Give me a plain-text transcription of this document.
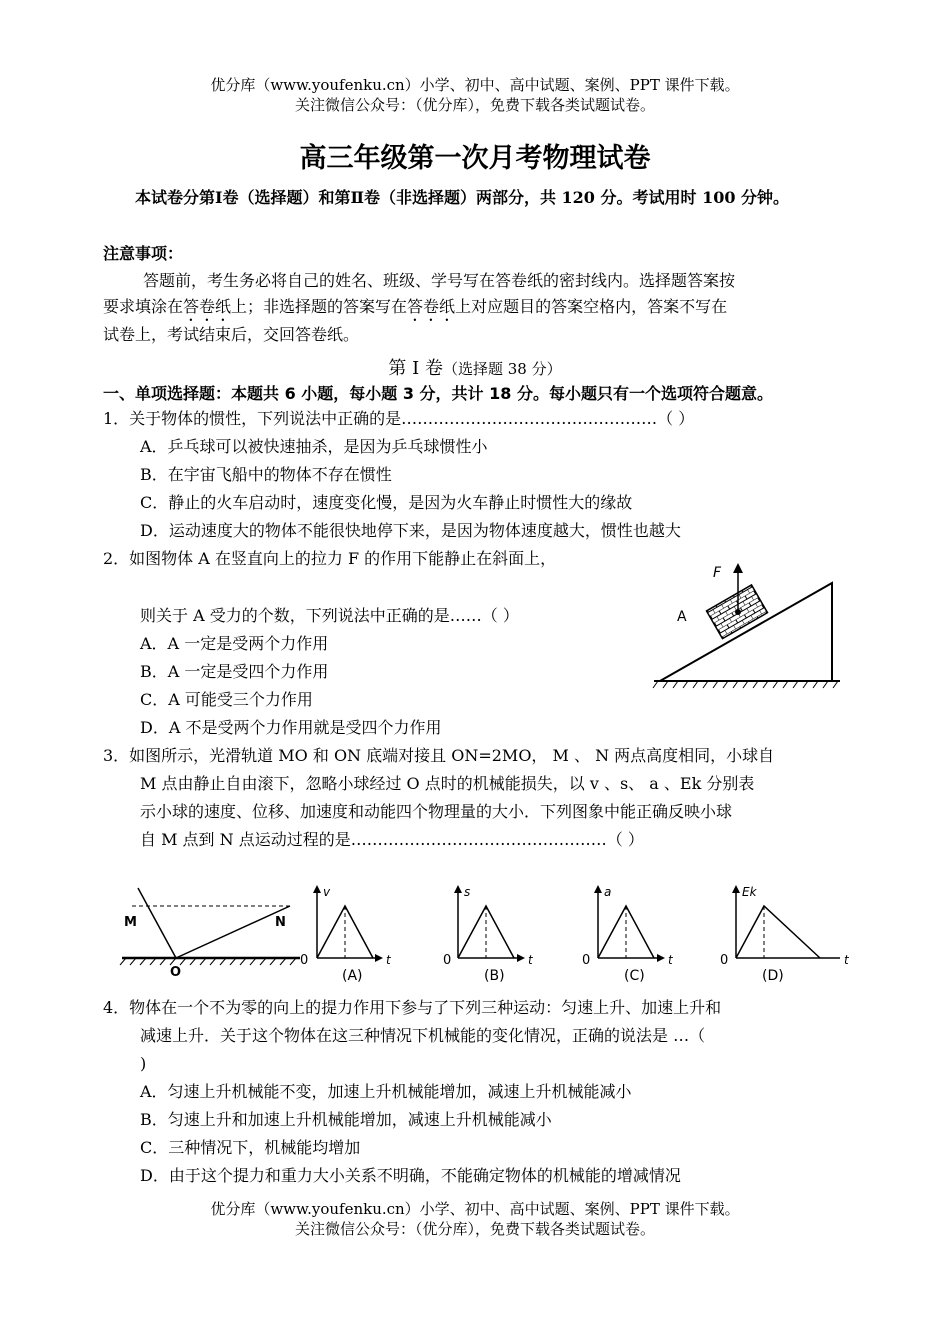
优分库（www.youfenku.cn）小学、初中、高中试题、案例、PPT 课件下载。
关注微信公众号：（优分库），免费下载各类试题试卷。
高三年级第一次月考物理试卷
本试卷分第Ⅰ卷（选择题）和第Ⅱ卷（非选择题）两部分，共 120 分。考试用时 100 分钟。
注意事项：
答题前，考生务必将自己的姓名、班级、学号写在答卷纸的密封线内。选择题答案按
要求填涂在答卷纸上；非选择题的答案写在答卷纸上对应题目的答案空格内，答案不写在
试卷上，考试结束后，交回答卷纸。
第 I 卷（选择题 38 分）
一、单项选择题：本题共 6 小题，每小题 3 分，共计 18 分。每小题只有一个选项符合题意。
1．关于物体的惯性，下列说法中正确的是…………………………………………（ ）
A．乒乓球可以被快速抽杀，是因为乒乓球惯性小
B．在宇宙飞船中的物体不存在惯性
C．静止的火车启动时，速度变化慢，是因为火车静止时惯性大的缘故
D．运动速度大的物体不能很快地停下来，是因为物体速度越大，惯性也越大
2．如图物体 A 在竖直向上的拉力 F 的作用下能静止在斜面上，
则关于 A 受力的个数，下列说法中正确的是……（ ）
A．A 一定是受两个力作用
B．A 一定是受四个力作用
C．A 可能受三个力作用
D．A 不是受两个力作用就是受四个力作用
F
A
3．如图所示，光滑轨道 MO 和 ON 底端对接且 ON=2MO， M 、 N 两点高度相同，小球自
M 点由静止自由滚下，忽略小球经过 O 点时的机械能损失，以 v 、s、 a 、Ek 分别表
示小球的速度、位移、加速度和动能四个物理量的大小．下列图象中能正确反映小球
自 M 点到 N 点运动过程的是…………………………………………（ ）
M	N
O
v
0
(A)
t
s
0
(B)
t
a
0
(C)
t
Ek
0
(D)
t
4．物体在一个不为零的向上的提力作用下参与了下列三种运动：匀速上升、加速上升和
减速上升．关于这个物体在这三种情况下机械能的变化情况，正确的说法是 …（
)
A．匀速上升机械能不变，加速上升机械能增加，减速上升机械能减小
B．匀速上升和加速上升机械能增加，减速上升机械能减小
C．三种情况下，机械能均增加
D．由于这个提力和重力大小关系不明确，不能确定物体的机械能的增减情况
优分库（www.youfenku.cn）小学、初中、高中试题、案例、PPT 课件下载。
关注微信公众号：（优分库），免费下载各类试题试卷。
